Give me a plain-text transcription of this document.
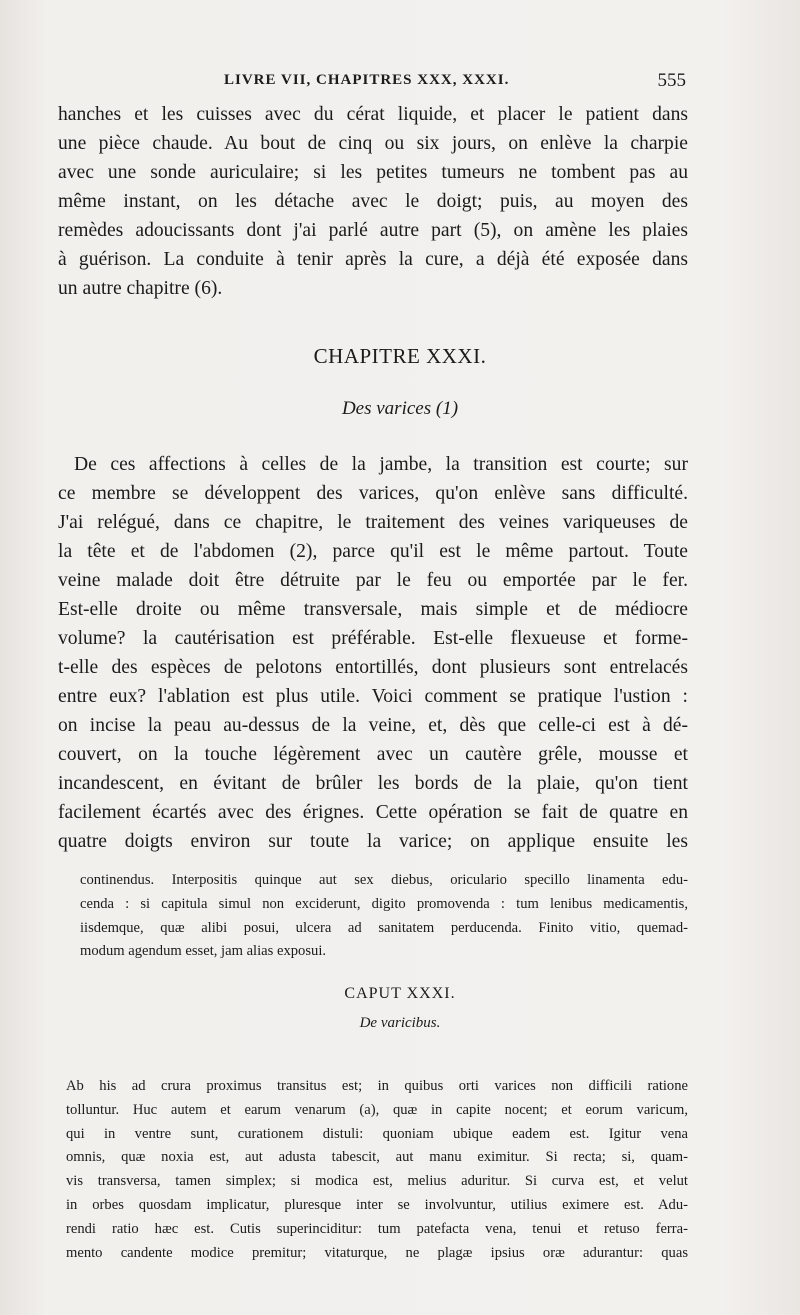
LIVRE VII, CHAPITRES XXX, XXXI.	555
hanches et les cuisses avec du cérat liquide, et placer le patient dans
une pièce chaude. Au bout de cinq ou six jours, on enlève la charpie
avec une sonde auriculaire; si les petites tumeurs ne tombent pas au
même instant, on les détache avec le doigt; puis, au moyen des
remèdes adoucissants dont j'ai parlé autre part (5), on amène les plaies
à guérison. La conduite à tenir après la cure, a déjà été exposée dans
un autre chapitre (6).
CHAPITRE XXXI.
Des varices (1)
De ces affections à celles de la jambe, la transition est courte; sur
ce membre se développent des varices, qu'on enlève sans difficulté.
J'ai relégué, dans ce chapitre, le traitement des veines variqueuses de
la tête et de l'abdomen (2), parce qu'il est le même partout. Toute
veine malade doit être détruite par le feu ou emportée par le fer.
Est-elle droite ou même transversale, mais simple et de médiocre
volume? la cautérisation est préférable. Est-elle flexueuse et forme-
t-elle des espèces de pelotons entortillés, dont plusieurs sont entrelacés
entre eux? l'ablation est plus utile. Voici comment se pratique l'ustion :
on incise la peau au-dessus de la veine, et, dès que celle-ci est à dé-
couvert, on la touche légèrement avec un cautère grêle, mousse et
incandescent, en évitant de brûler les bords de la plaie, qu'on tient
facilement écartés avec des érignes. Cette opération se fait de quatre en
quatre doigts environ sur toute la varice; on applique ensuite les
continendus. Interpositis quinque aut sex diebus, oriculario specillo linamenta edu-
cenda : si capitula simul non exciderunt, digito promovenda : tum lenibus medicamentis,
iisdemque, quæ alibi posui, ulcera ad sanitatem perducenda. Finito vitio, quemad-
modum agendum esset, jam alias exposui.
CAPUT XXXI.
De varicibus.
Ab his ad crura proximus transitus est; in quibus orti varices non difficili ratione
tolluntur. Huc autem et earum venarum (a), quæ in capite nocent; et eorum varicum,
qui in ventre sunt, curationem distuli: quoniam ubique eadem est. Igitur vena
omnis, quæ noxia est, aut adusta tabescit, aut manu eximitur. Si recta; si, quam-
vis transversa, tamen simplex; si modica est, melius aduritur. Si curva est, et velut
in orbes quosdam implicatur, pluresque inter se involvuntur, utilius eximere est. Adu-
rendi ratio hæc est. Cutis superinciditur: tum patefacta vena, tenui et retuso ferra-
mento candente modice premitur; vitaturque, ne plagæ ipsius oræ adurantur: quas
